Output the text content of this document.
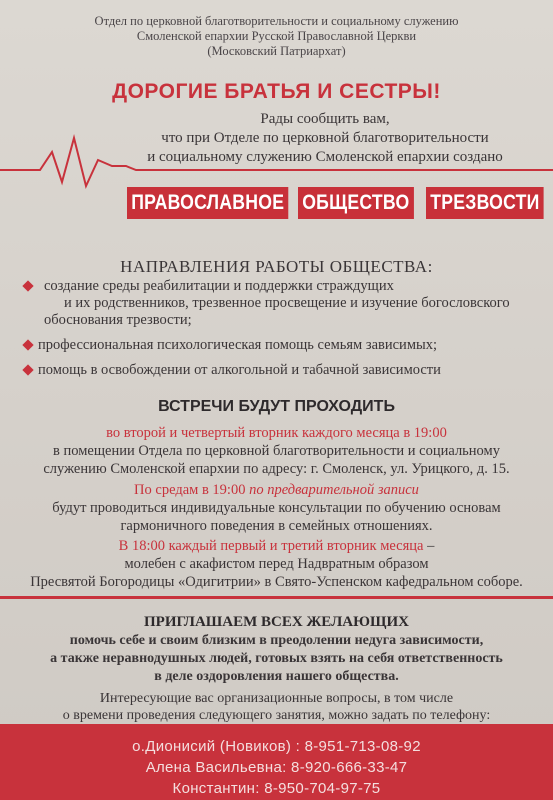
Отдел по церковной благотворительности и социальному служению
Смоленской епархии Русской Православной Церкви
(Московский Патриархат)
ДОРОГИЕ БРАТЬЯ И СЕСТРЫ!
Рады сообщить вам,
что при Отделе по церковной благотворительности
и социальному служению Смоленской епархии создано
ПРАВОСЛАВНОЕ ОБЩЕСТВО ТРЕЗВОСТИ
НАПРАВЛЕНИЯ РАБОТЫ ОБЩЕСТВА:
создание среды реабилитации и поддержки страждущих
и их родственников, трезвенное просвещение и изучение богословского
обоснования трезвости;
профессиональная психологическая помощь семьям зависимых;
помощь в освобождении от алкогольной и табачной зависимости
ВСТРЕЧИ БУДУТ ПРОХОДИТЬ
во второй и четвертый вторник каждого месяца в 19:00
в помещении Отдела по церковной благотворительности и социальному
служению Смоленской епархии по адресу: г. Смоленск, ул. Урицкого, д. 15.
По средам в 19:00 по предварительной записи
будут проводиться индивидуальные консультации по обучению основам
гармоничного поведения в семейных отношениях.
В 18:00 каждый первый и третий вторник месяца –
молебен с акафистом перед Надвратным образом
Пресвятой Богородицы «Одигитрии» в Свято-Успенском кафедральном соборе.
ПРИГЛАШАЕМ ВСЕХ ЖЕЛАЮЩИХ
помочь себе и своим близким в преодолении недуга зависимости,
а также неравнодушных людей, готовых взять на себя ответственность
в деле оздоровления нашего общества.
Интересующие вас организационные вопросы, в том числе
о времени проведения следующего занятия, можно задать по телефону:
о.Дионисий (Новиков) : 8-951-713-08-92
Алена Васильевна: 8-920-666-33-47
Константин: 8-950-704-97-75
